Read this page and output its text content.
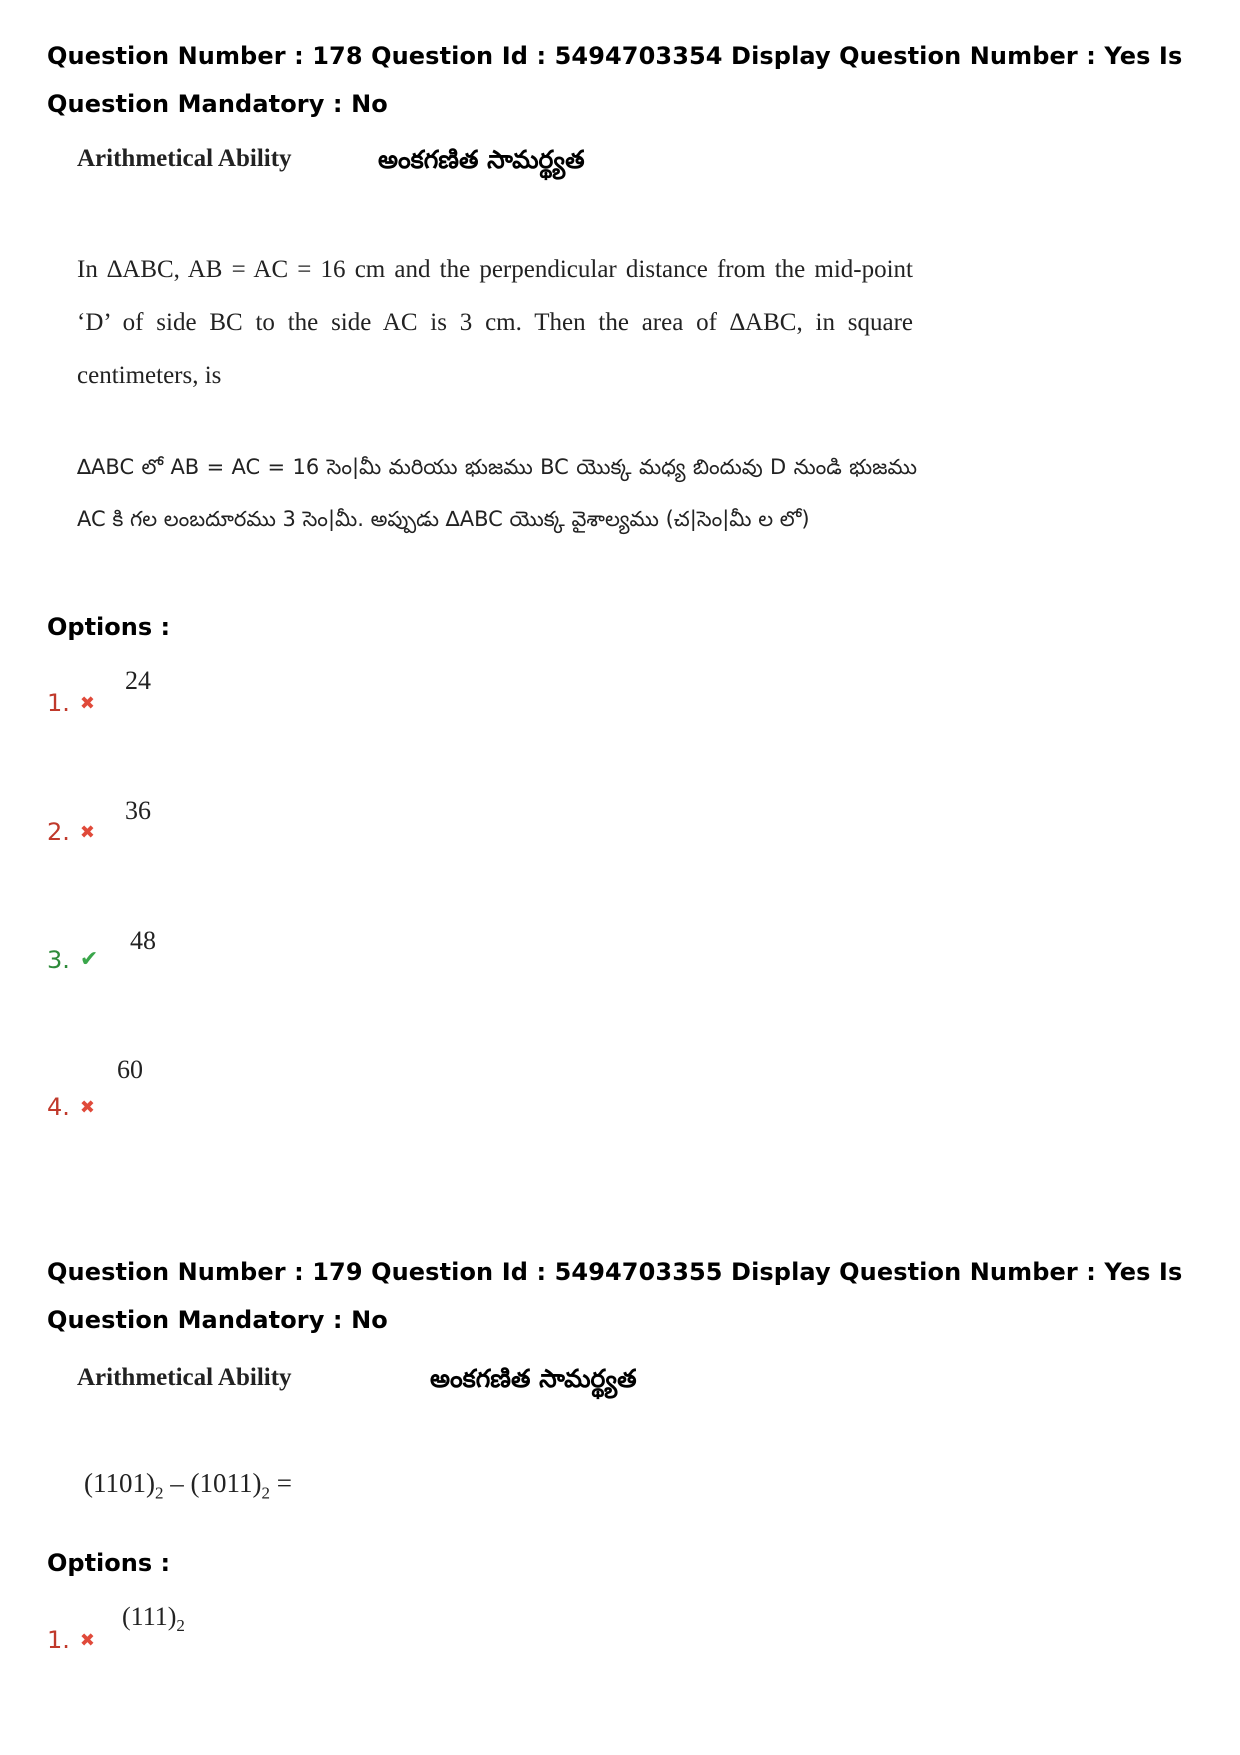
Question Number : 178 Question Id : 5494703354 Display Question Number : Yes Is Question Mandatory : No
Arithmetical Ability	అంకగణిత సామర్థ్యత
In ∆ABC, AB = AC = 16 cm and the perpendicular distance from the mid-point ‘D’ of side BC to the side AC is 3 cm. Then the area of ∆ABC, in square centimeters, is
∆ABC లో AB = AC = 16 సెం|మీ మరియు భుజము BC యొక్క మధ్య బిందువు D నుండి భుజము AC కి గల లంబదూరము 3 సెం|మీ. అప్పుడు ∆ABC యొక్క వైశాల్యము (చ|సెం|మీ ల లో)
Options :
1. ✖
24
2. ✖
36
3. ✔
48
4. ✖
60
Question Number : 179 Question Id : 5494703355 Display Question Number : Yes Is Question Mandatory : No
Arithmetical Ability	అంకగణిత సామర్థ్యత
$(1101)_2 - (1011)_2$ =
Options :
1. ✖
$(111)_2$
